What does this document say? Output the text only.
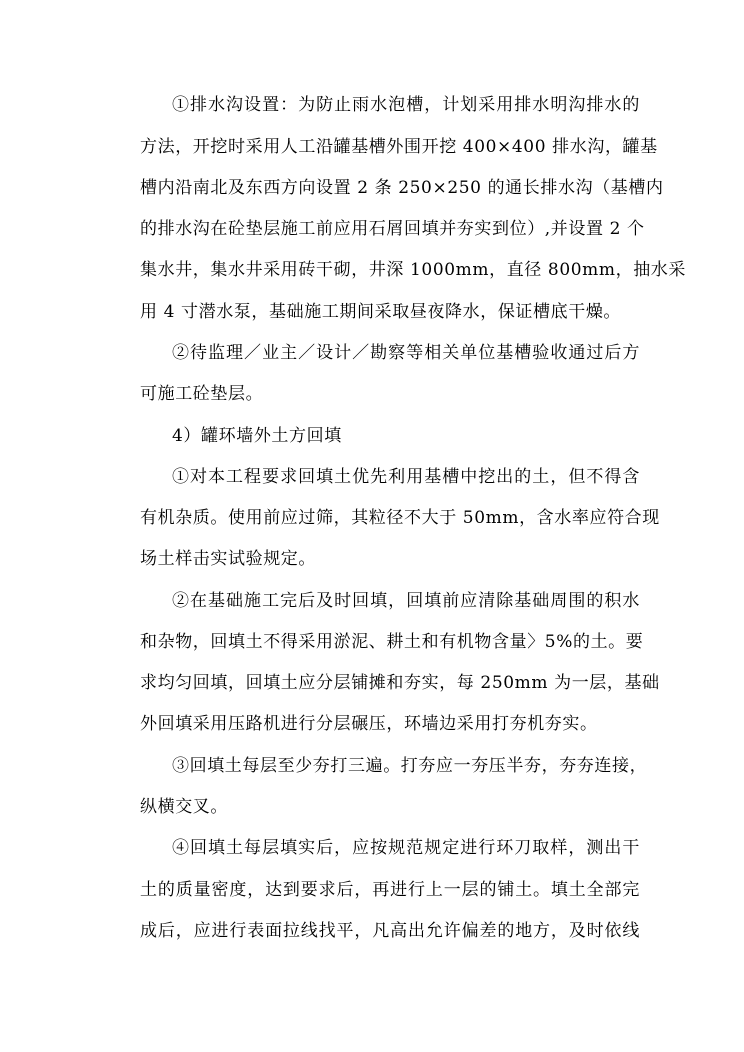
①排水沟设置：为防止雨水泡槽，计划采用排水明沟排水的
方法，开挖时采用人工沿罐基槽外围开挖 400×400 排水沟，罐基
槽内沿南北及东西方向设置 2 条 250×250 的通长排水沟（基槽内
的排水沟在砼垫层施工前应用石屑回填并夯实到位）,并设置 2 个
集水井，集水井采用砖干砌，井深 1000mm，直径 800mm，抽水采
用 4 寸潜水泵，基础施工期间采取昼夜降水，保证槽底干燥。
②待监理／业主／设计／勘察等相关单位基槽验收通过后方
可施工砼垫层。
4）罐环墙外土方回填
①对本工程要求回填土优先利用基槽中挖出的土，但不得含
有机杂质。使用前应过筛，其粒径不大于 50mm，含水率应符合现
场土样击实试验规定。
②在基础施工完后及时回填，回填前应清除基础周围的积水
和杂物，回填土不得采用淤泥、耕土和有机物含量〉5%的土。要
求均匀回填，回填土应分层铺摊和夯实，每 250mm 为一层，基础
外回填采用压路机进行分层碾压，环墙边采用打夯机夯实。
③回填土每层至少夯打三遍。打夯应一夯压半夯，夯夯连接，
纵横交叉。
④回填土每层填实后，应按规范规定进行环刀取样，测出干
土的质量密度，达到要求后，再进行上一层的铺土。填土全部完
成后，应进行表面拉线找平，凡高出允许偏差的地方，及时依线
